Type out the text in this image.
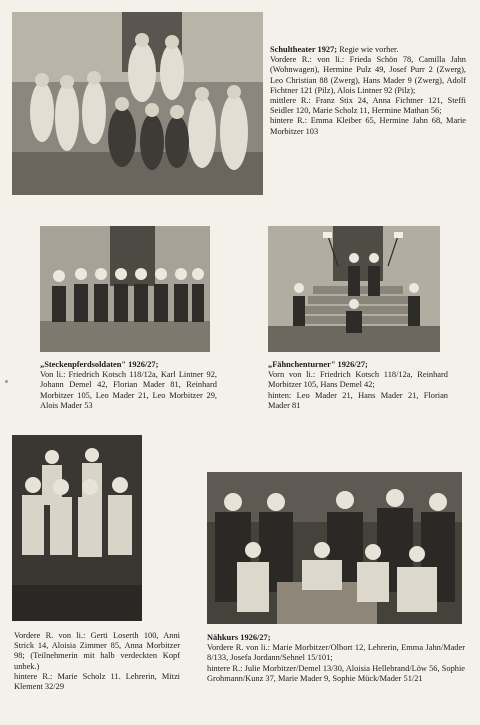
Schultheater 1927; Regie wie vorher.

Vordere R.: von li.: Frieda Schön 78, Camilla Jahn (Wohnwagen), Hermine Pulz 49, Josef Purr 2 (Zwerg), Leo Christian 88 (Zwerg), Hans Mader 9 (Zwerg), Adolf Fichtner 121 (Pilz), Alois Lintner 92 (Pilz);

mittlere R.: Franz Stix 24, Anna Fichtner 121, Steffi Seidler 120, Marie Scholz 11, Hermine Mathan 56;

hintere R.: Emma Kleiber 65, Hermine Jahn 68, Marie Morbitzer 103

„Steckenpferdsoldaten" 1926/27;

Von li.: Friedrich Kotsch 118/12a, Karl Lintner 92, Johann Demel 42, Florian Mader 81, Reinhard Morbitzer 105, Leo Mader 21, Leo Morbitzer 29, Alois Mader 53

„Fähnchenturner" 1926/27;

Vorn von li.: Friedrich Kotsch 118/12a, Reinhard Morbitzer 105, Hans Demel 42;

hinten: Leo Mader 21, Hans Mader 21, Florian Mader 81

Vordere R. von li.: Gerti Loserth 100, Anni Strick 14, Aloisia Zimmer 85, Anna Morbitzer 98; (Teilnehmerin mit halb verdeckten Kopf unbek.)

hintere R.: Marie Scholz 11. Lehrerin, Mitzi Klement 32/29

Nähkurs 1926/27;

Vordere R. von li.: Marie Morbitzer/Olbort 12, Lehrerin, Emma Jahn/Mader 8/133, Josefa Jordann/Sehnel 15/101;

hintere R.: Julie Morbitzer/Demel 13/30, Aloisia Hellebrand/Löw 56, Sophie Grohmann/Kunz 37, Marie Mader 9, Sophie Mück/Mader 51/21
